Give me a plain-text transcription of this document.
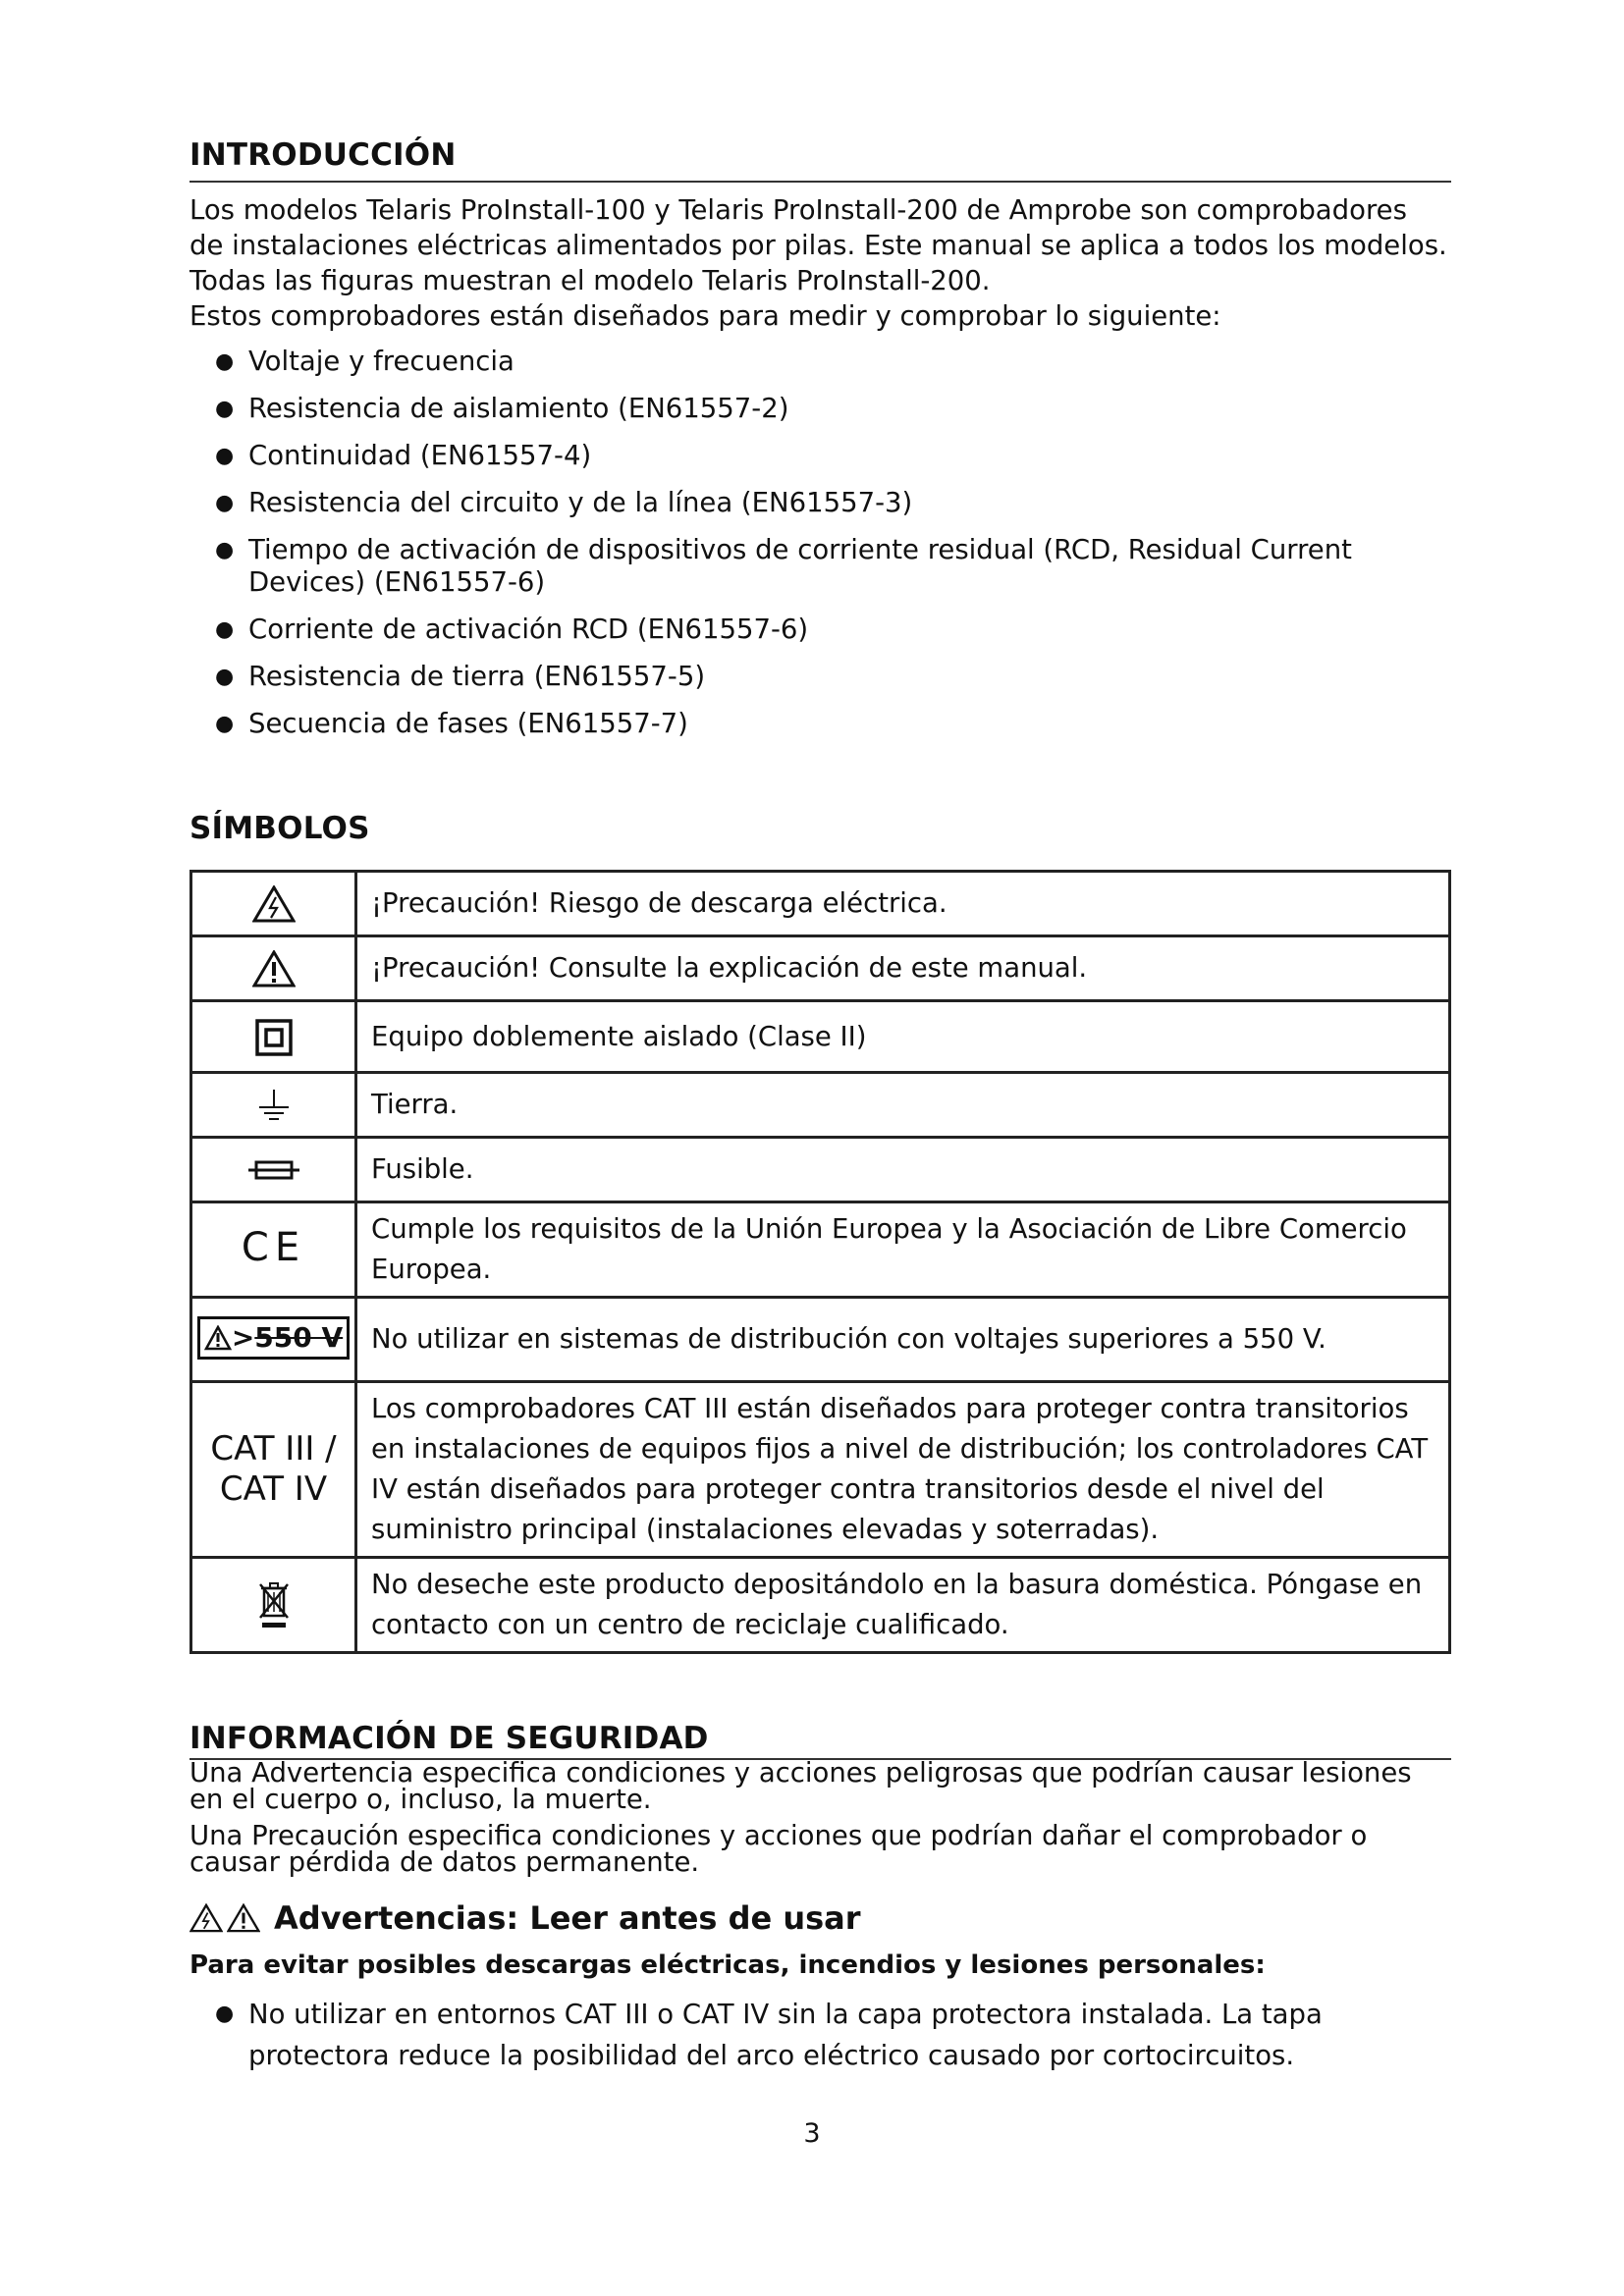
INTRODUCCIÓN

Los modelos Telaris ProInstall-100 y Telaris ProInstall-200 de Amprobe son comprobadores

de instalaciones eléctricas alimentados por pilas. Este manual se aplica a todos los modelos.

Todas las figuras muestran el modelo Telaris ProInstall-200.

Estos comprobadores están diseñados para medir y comprobar lo siguiente:

● Voltaje y frecuencia
● Resistencia de aislamiento (EN61557-2)
● Continuidad (EN61557-4)
● Resistencia del circuito y de la línea (EN61557-3)
● Tiempo de activación de dispositivos de corriente residual (RCD, Residual Current Devices) (EN61557-6)
● Corriente de activación RCD (EN61557-6)
● Resistencia de tierra (EN61557-5)
● Secuencia de fases (EN61557-7)
SÍMBOLOS
	¡Precaución! Riesgo de descarga eléctrica.
	¡Precaución! Consulte la explicación de este manual.
	Equipo doblemente aislado (Clase II)
	Tierra.
	Fusible.
CE	Cumple los requisitos de la Unión Europea y la Asociación de Libre Comercio Europea.

> 550 V	No utilizar en sistemas de distribución con voltajes superiores a 550 V.

CAT III /
CAT IV	Los comprobadores CAT III están diseñados para proteger contra transitorios en instalaciones de equipos fijos a nivel de distribución; los controladores CAT IV están diseñados para proteger contra transitorios desde el nivel del suministro principal (instalaciones elevadas y soterradas).
	No deseche este producto depositándolo en la basura doméstica. Póngase en contacto con un centro de reciclaje cualificado.
INFORMACIÓN DE SEGURIDAD

Una Advertencia especifica condiciones y acciones peligrosas que podrían causar lesiones en el cuerpo o, incluso, la muerte.

Una Precaución especifica condiciones y acciones que podrían dañar el comprobador o causar pérdida de datos permanente.

Advertencias: Leer antes de usar
Para evitar posibles descargas eléctricas, incendios y lesiones personales:
● No utilizar en entornos CAT III o CAT IV sin la capa protectora instalada. La tapa protectora reduce la posibilidad del arco eléctrico causado por cortocircuitos.
3
